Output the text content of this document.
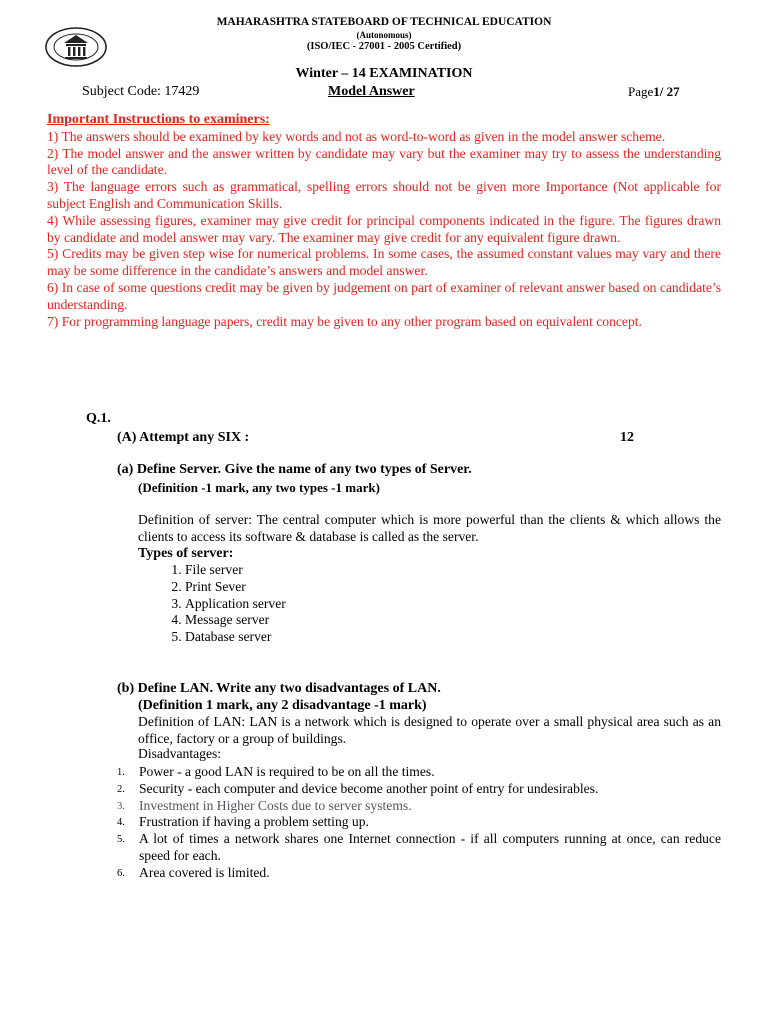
MAHARASHTRA STATEBOARD OF TECHNICAL EDUCATION
(Autonomous)
(ISO/IEC - 27001 - 2005 Certified)
Winter – 14 EXAMINATION
Subject Code: 17429	Model Answer	Page1/ 27
Important Instructions to examiners:

1) The answers should be examined by key words and not as word-to-word as given in the model answer scheme.

2) The model answer and the answer written by candidate may vary but the examiner may try to assess the understanding level of the candidate.

3) The language errors such as grammatical, spelling errors should not be given more Importance (Not applicable for subject English and Communication Skills.

4) While assessing figures, examiner may give credit for principal components indicated in the figure. The figures drawn by candidate and model answer may vary. The examiner may give credit for any equivalent figure drawn.

5) Credits may be given step wise for numerical problems. In some cases, the assumed constant values may vary and there may be some difference in the candidate’s answers and model answer.

6) In case of some questions credit may be given by judgement on part of examiner of relevant answer based on candidate’s understanding.

7) For programming language papers, credit may be given to any other program based on equivalent concept.

Q.1.
(A) Attempt any SIX :	12
(a) Define Server. Give the name of any two types of Server.
(Definition -1 mark, any two types -1 mark)
Definition of server: The central computer which is more powerful than the clients & which allows the clients to access its software & database is called as the server.
Types of server:
1. File server
2. Print Sever
3. Application server
4. Message server
5. Database server
(b) Define LAN. Write any two disadvantages of LAN.
(Definition 1 mark, any 2 disadvantage -1 mark)
Definition of LAN: LAN is a network which is designed to operate over a small physical area such as an office, factory or a group of buildings.
Disadvantages:
1. Power - a good LAN is required to be on all the times.
2. Security - each computer and device become another point of entry for undesirables.
3. Investment in Higher Costs due to server systems.
4. Frustration if having a problem setting up.
5. A lot of times a network shares one Internet connection - if all computers running at once, can reduce speed for each.
6. Area covered is limited.
